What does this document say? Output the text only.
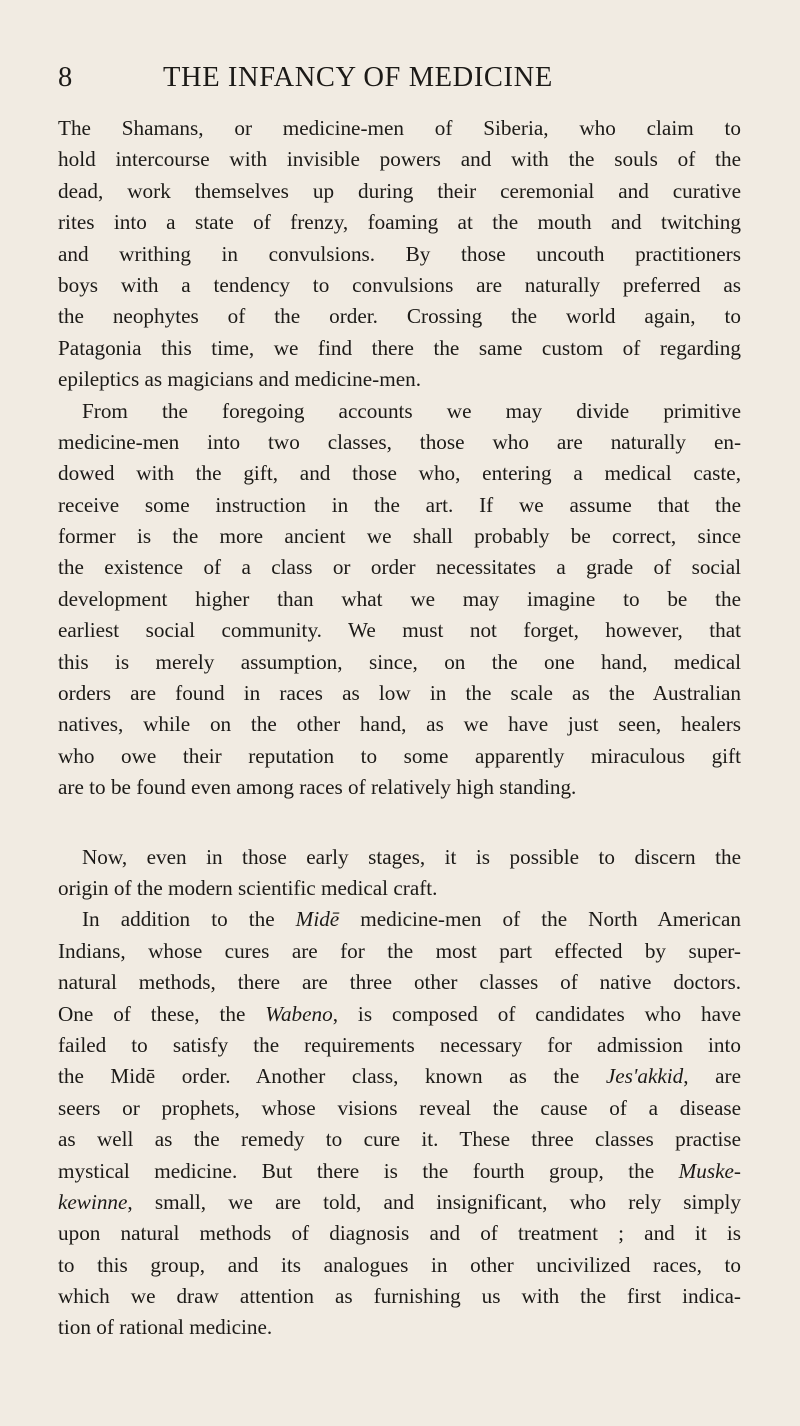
8	THE INFANCY OF MEDICINE
The Shamans, or medicine-men of Siberia, who claim to
hold intercourse with invisible powers and with the souls of the
dead, work themselves up during their ceremonial and curative
rites into a state of frenzy, foaming at the mouth and twitching
and writhing in convulsions. By those uncouth practitioners
boys with a tendency to convulsions are naturally preferred as
the neophytes of the order. Crossing the world again, to
Patagonia this time, we find there the same custom of regarding
epileptics as magicians and medicine-men.
From the foregoing accounts we may divide primitive
medicine-men into two classes, those who are naturally en-
dowed with the gift, and those who, entering a medical caste,
receive some instruction in the art. If we assume that the
former is the more ancient we shall probably be correct, since
the existence of a class or order necessitates a grade of social
development higher than what we may imagine to be the
earliest social community. We must not forget, however, that
this is merely assumption, since, on the one hand, medical
orders are found in races as low in the scale as the Australian
natives, while on the other hand, as we have just seen, healers
who owe their reputation to some apparently miraculous gift
are to be found even among races of relatively high standing.
Now, even in those early stages, it is possible to discern the
origin of the modern scientific medical craft.
In addition to the Midē medicine-men of the North American
Indians, whose cures are for the most part effected by super-
natural methods, there are three other classes of native doctors.
One of these, the Wabeno, is composed of candidates who have
failed to satisfy the requirements necessary for admission into
the Midē order. Another class, known as the Jes'akkid, are
seers or prophets, whose visions reveal the cause of a disease
as well as the remedy to cure it. These three classes practise
mystical medicine. But there is the fourth group, the Muske-
kewinne, small, we are told, and insignificant, who rely simply
upon natural methods of diagnosis and of treatment ; and it is
to this group, and its analogues in other uncivilized races, to
which we draw attention as furnishing us with the first indica-
tion of rational medicine.
